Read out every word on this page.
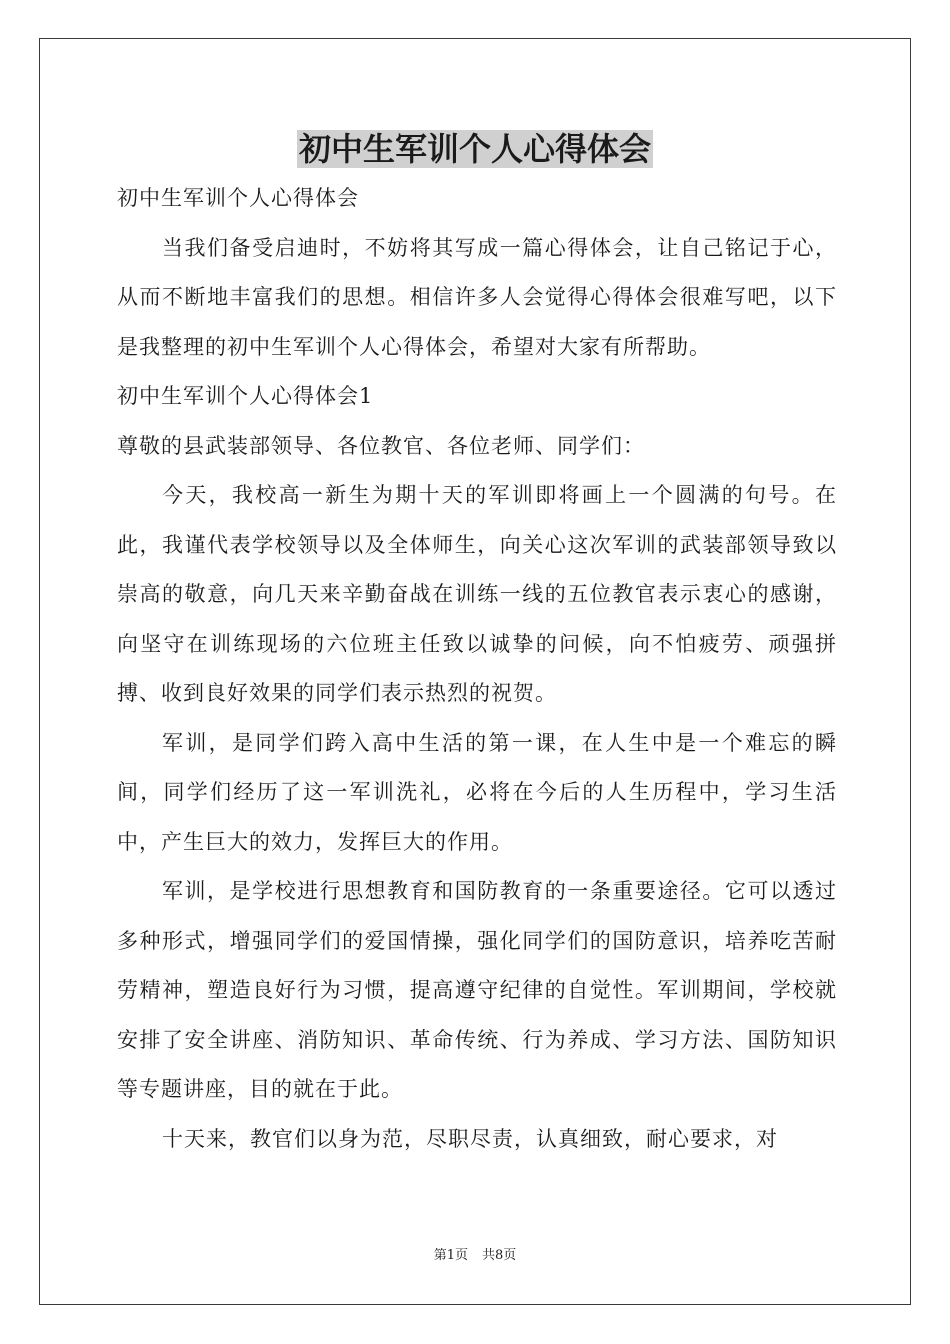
初中生军训个人心得体会

初中生军训个人心得体会

当我们备受启迪时，不妨将其写成一篇心得体会，让自己铭记于心，从而不断地丰富我们的思想。相信许多人会觉得心得体会很难写吧，以下是我整理的初中生军训个人心得体会，希望对大家有所帮助。

初中生军训个人心得体会1

尊敬的县武装部领导、各位教官、各位老师、同学们：

今天，我校高一新生为期十天的军训即将画上一个圆满的句号。在此，我谨代表学校领导以及全体师生，向关心这次军训的武装部领导致以崇高的敬意，向几天来辛勤奋战在训练一线的五位教官表示衷心的感谢，向坚守在训练现场的六位班主任致以诚挚的问候，向不怕疲劳、顽强拼搏、收到良好效果的同学们表示热烈的祝贺。

军训，是同学们跨入高中生活的第一课，在人生中是一个难忘的瞬间，同学们经历了这一军训洗礼，必将在今后的人生历程中，学习生活中，产生巨大的效力，发挥巨大的作用。

军训，是学校进行思想教育和国防教育的一条重要途径。它可以透过多种形式，增强同学们的爱国情操，强化同学们的国防意识，培养吃苦耐劳精神，塑造良好行为习惯，提高遵守纪律的自觉性。军训期间，学校就安排了安全讲座、消防知识、革命传统、行为养成、学习方法、国防知识等专题讲座，目的就在于此。

十天来，教官们以身为范，尽职尽责，认真细致，耐心要求，对

第1页 共8页
